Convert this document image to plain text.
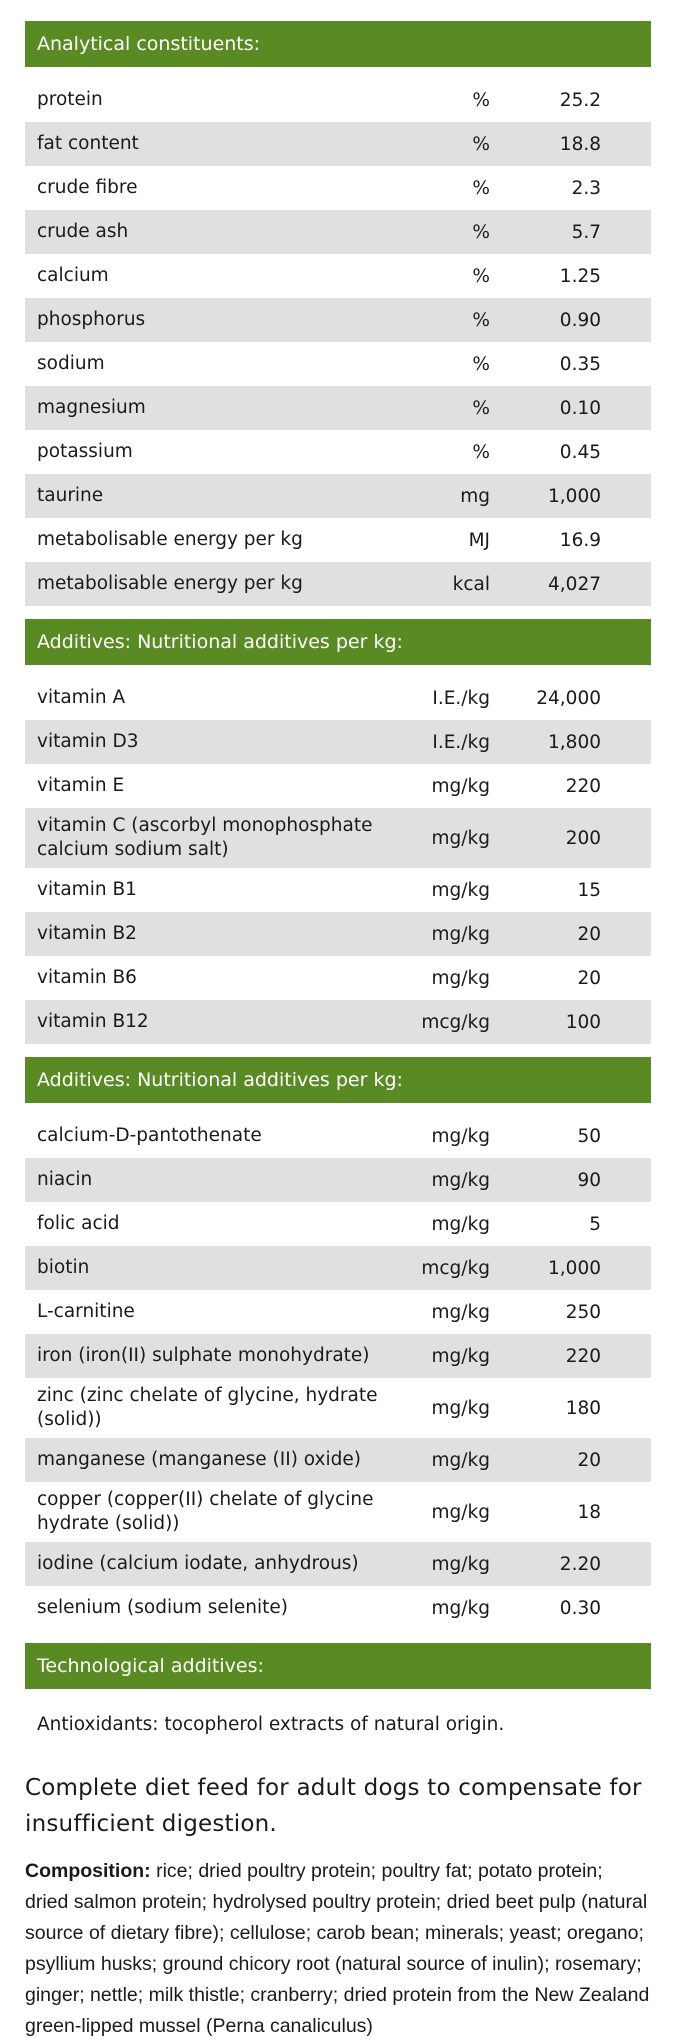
Analytical constituents:
protein	%	25.2
fat content	%	18.8
crude fibre	%	2.3
crude ash	%	5.7
calcium	%	1.25
phosphorus	%	0.90
sodium	%	0.35
magnesium	%	0.10
potassium	%	0.45
taurine	mg	1,000
metabolisable energy per kg	MJ	16.9
metabolisable energy per kg	kcal	4,027
Additives: Nutritional additives per kg:
vitamin A	I.E./kg	24,000
vitamin D3	I.E./kg	1,800
vitamin E	mg/kg	220
vitamin C (ascorbyl monophosphate calcium sodium salt)
mg/kg	200
vitamin B1	mg/kg	15
vitamin B2	mg/kg	20
vitamin B6	mg/kg	20
vitamin B12	mcg/kg	100
Additives: Nutritional additives per kg:
calcium-D-pantothenate	mg/kg	50
niacin	mg/kg	90
folic acid	mg/kg	5
biotin	mcg/kg	1,000
L-carnitine	mg/kg	250
iron (iron(II) sulphate monohydrate)	mg/kg	220
zinc (zinc chelate of glycine, hydrate (solid))
mg/kg	180
manganese (manganese (II) oxide)	mg/kg	20
copper (copper(II) chelate of glycine hydrate (solid))
mg/kg	18
iodine (calcium iodate, anhydrous)	mg/kg	2.20
selenium (sodium selenite)	mg/kg	0.30
Technological additives:
Antioxidants: tocopherol extracts of natural origin.
Complete diet feed for adult dogs to compensate for insufficient digestion.
Composition: rice; dried poultry protein; poultry fat; potato protein; dried salmon protein; hydrolysed poultry protein; dried beet pulp (natural source of dietary fibre); cellulose; carob bean; minerals; yeast; oregano; psyllium husks; ground chicory root (natural source of inulin); rosemary; ginger; nettle; milk thistle; cranberry; dried protein from the New Zealand green-lipped mussel (Perna canaliculus)
